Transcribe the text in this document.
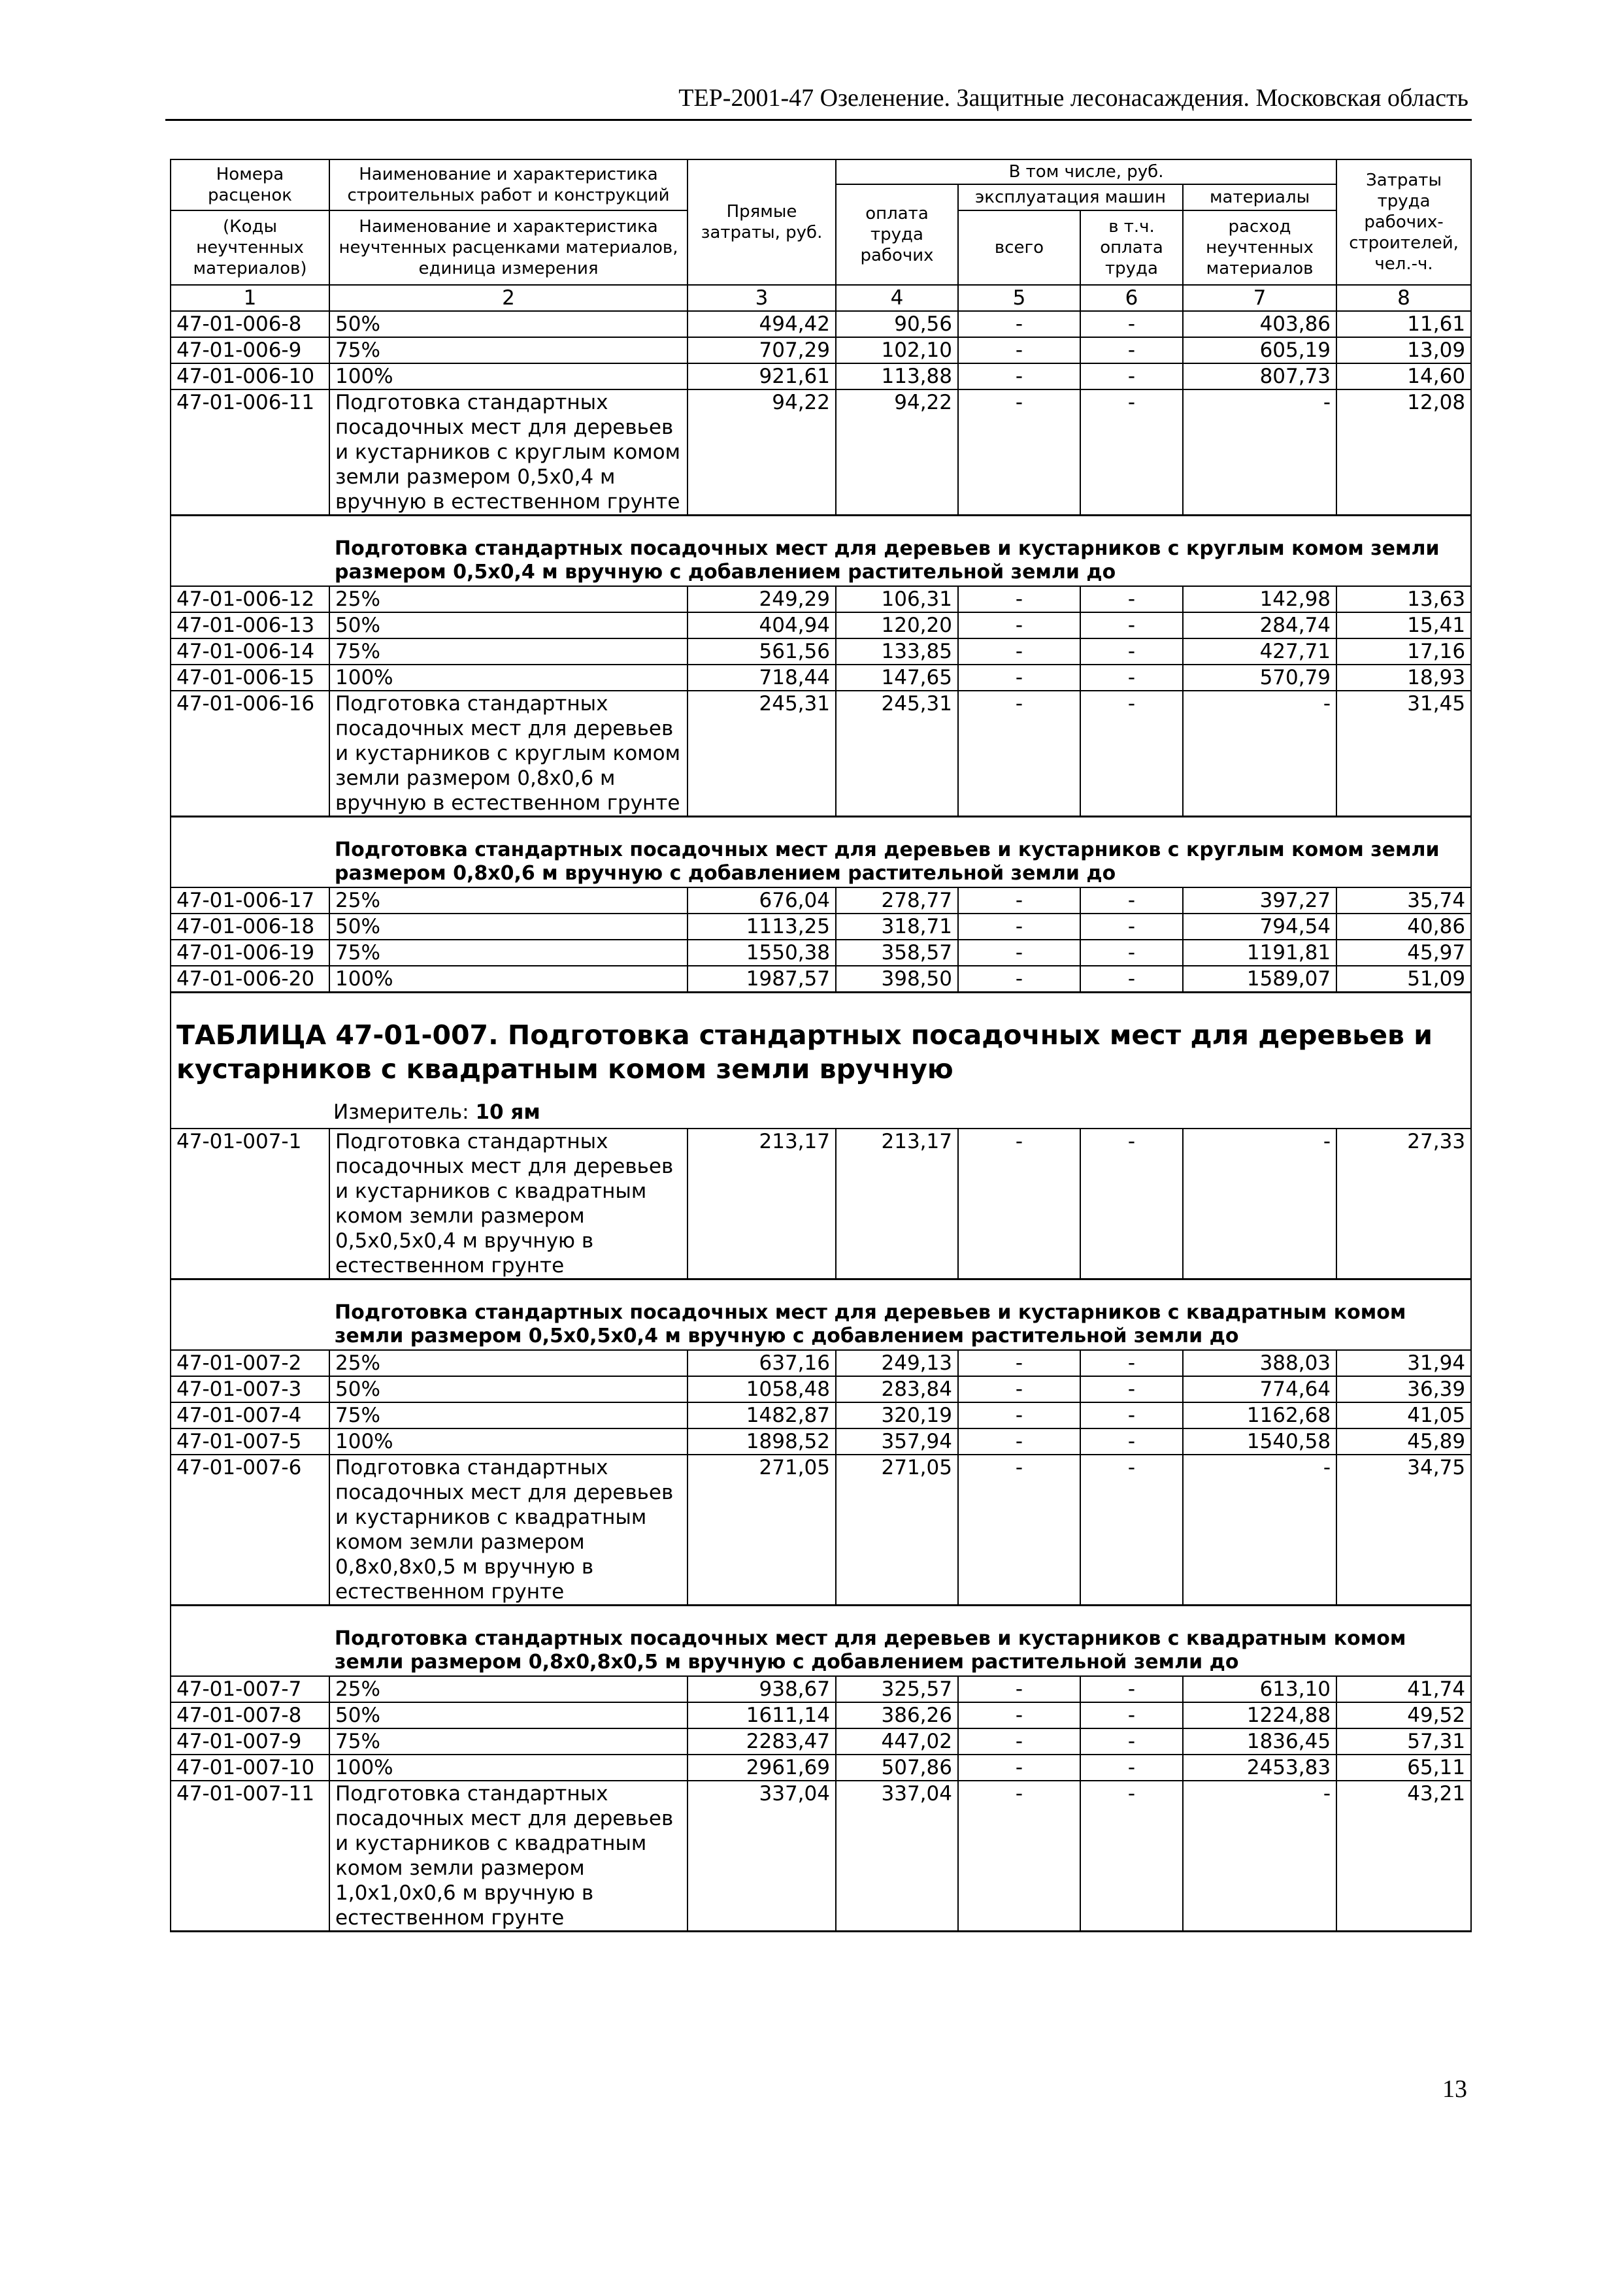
ТЕР-2001-47 Озеленение. Защитные лесонасаждения. Московская область
Номера расценок	Наименование и характеристика строительных работ и конструкций	Прямые затраты, руб.	В том числе, руб.				Затраты труда рабочих-строителей, чел.-ч.
			оплата труда рабочих	эксплуатация машин		материалы	
(Коды неучтенных материалов)	Наименование и характеристика неучтенных расценками материалов, единица измерения			всего	в т.ч. оплата труда	расход неучтенных материалов	

1	2	3	4	5	6	7	8
47-01-006-8	50%	494,42	90,56	-	-	403,86	11,61
47-01-006-9	75%	707,29	102,10	-	-	605,19	13,09
47-01-006-10	100%	921,61	113,88	-	-	807,73	14,60
47-01-006-11	Подготовка стандартных посадочных мест для деревьев и кустарников с круглым комом земли размером 0,5х0,4 м вручную в естественном грунте	94,22	94,22	-	-	-	12,08
	Подготовка стандартных посадочных мест для деревьев и кустарников с круглым комом земли размером 0,5х0,4 м вручную с добавлением растительной земли до						
47-01-006-12	25%	249,29	106,31	-	-	142,98	13,63
47-01-006-13	50%	404,94	120,20	-	-	284,74	15,41
47-01-006-14	75%	561,56	133,85	-	-	427,71	17,16
47-01-006-15	100%	718,44	147,65	-	-	570,79	18,93
47-01-006-16	Подготовка стандартных посадочных мест для деревьев и кустарников с круглым комом земли размером 0,8х0,6 м вручную в естественном грунте	245,31	245,31	-	-	-	31,45
	Подготовка стандартных посадочных мест для деревьев и кустарников с круглым комом земли размером 0,8х0,6 м вручную с добавлением растительной земли до						
47-01-006-17	25%	676,04	278,77	-	-	397,27	35,74
47-01-006-18	50%	1113,25	318,71	-	-	794,54	40,86
47-01-006-19	75%	1550,38	358,57	-	-	1191,81	45,97
47-01-006-20	100%	1987,57	398,50	-	-	1589,07	51,09

ТАБЛИЦА 47-01-007. Подготовка стандартных посадочных мест для деревьев и кустарников с квадратным комом земли вручную
Измеритель: 10 ям							

47-01-007-1	Подготовка стандартных посадочных мест для деревьев и кустарников с квадратным комом земли размером 0,5х0,5х0,4 м вручную в естественном грунте	213,17	213,17	-	-	-	27,33
	Подготовка стандартных посадочных мест для деревьев и кустарников с квадратным комом земли размером 0,5х0,5х0,4 м вручную с добавлением растительной земли до						
47-01-007-2	25%	637,16	249,13	-	-	388,03	31,94
47-01-007-3	50%	1058,48	283,84	-	-	774,64	36,39
47-01-007-4	75%	1482,87	320,19	-	-	1162,68	41,05
47-01-007-5	100%	1898,52	357,94	-	-	1540,58	45,89
47-01-007-6	Подготовка стандартных посадочных мест для деревьев и кустарников с квадратным комом земли размером 0,8х0,8х0,5 м вручную в естественном грунте	271,05	271,05	-	-	-	34,75
	Подготовка стандартных посадочных мест для деревьев и кустарников с квадратным комом земли размером 0,8х0,8х0,5 м вручную с добавлением растительной земли до						
47-01-007-7	25%	938,67	325,57	-	-	613,10	41,74
47-01-007-8	50%	1611,14	386,26	-	-	1224,88	49,52
47-01-007-9	75%	2283,47	447,02	-	-	1836,45	57,31
47-01-007-10	100%	2961,69	507,86	-	-	2453,83	65,11
47-01-007-11	Подготовка стандартных посадочных мест для деревьев и кустарников с квадратным комом земли размером 1,0х1,0х0,6 м вручную в естественном грунте	337,04	337,04	-	-	-	43,21
13
